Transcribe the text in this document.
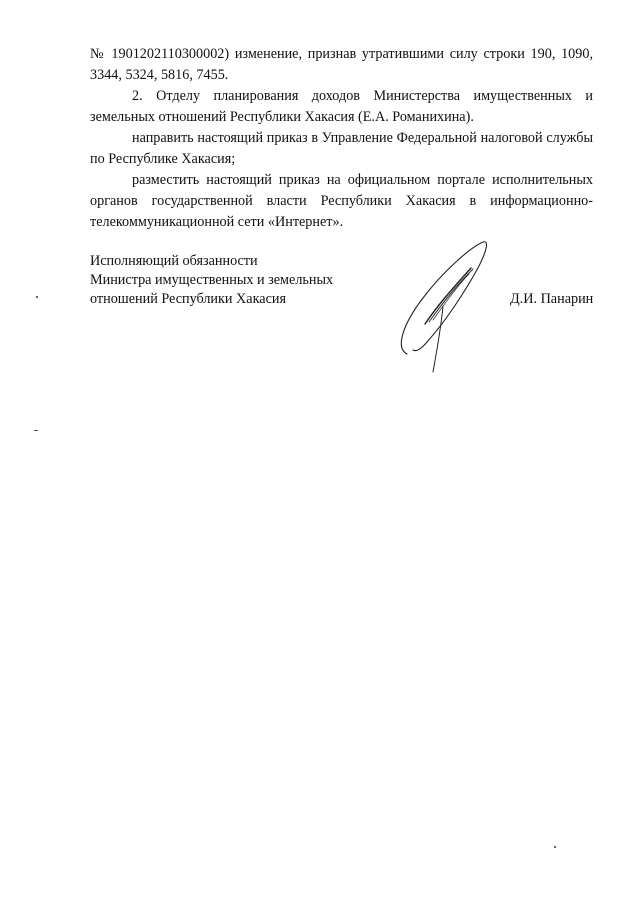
№ 1901202110300002) изменение, признав утратившими силу строки 190, 1090, 3344, 5324, 5816, 7455.

2. Отделу планирования доходов Министерства имущественных и земельных отношений Республики Хакасия (Е.А. Романихина).

направить настоящий приказ в Управление Федеральной налоговой службы по Республике Хакасия;

разместить настоящий приказ на официальном портале исполнительных органов государственной власти Республики Хакасия в информационно-телекоммуникационной сети «Интернет».

Исполняющий обязанности
Министра имущественных и земельных
отношений Республики Хакасия	Д.И. Панарин
